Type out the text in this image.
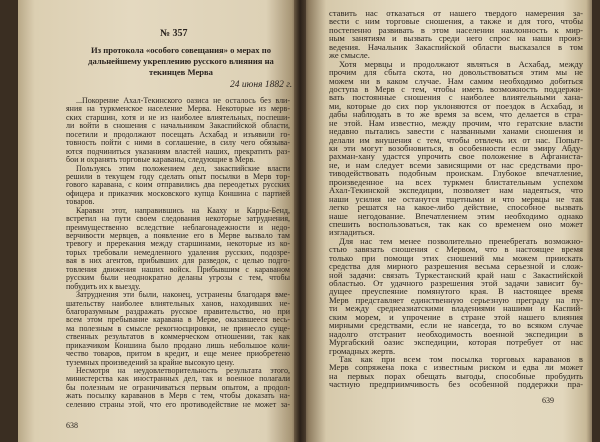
№ 357
Из протокола «особого совещания» о мерах по дальнейшему укреплению русского влияния на текинцев Мерва
24 июня 1882 г.
...Покорение Ахал-Текинского оазиса не осталось без вли-
яния на туркменское население Мерва. Некоторые из мерв-
ских старшин, хотя и не из наиболее влиятельных, поспеши-
ли войти в сношения с начальником Закаспийской области,
посетили и продолжают посещать Асхабад и изъявили го-
товность пойти с ними в соглашение, в силу чего обязыва-
ются подчиниться указаниям властей наших, прекратить раз-
бои и охранять торговые караваны, следующие в Мерв.
Пользуясь этим положением дел, закаспийские власти
решили в текущем году сделать опыт посылки в Мерв тор-
гового каравана, с коим отправились два переодетых русских
офицера и приказчик московского купца Коншина с партией
товаров.
Караван этот, направившись на Кааху и Карры-Бенд,
встретил на пути своем следования некоторые затруднения,
преимущественно вследствие неблагонадежности и недо-
верчивости мервцев, а появление его в Мерве вызвало там
тревогу и пререкания между старшинами, некоторые из ко-
торых требовали немедленного удаления русских, подозре-
вая в них агентов, прибывших для разведок, с целью подго-
товления движения наших войск. Прибывшим с караваном
русским были неоднократно деланы угрозы с тем, чтобы
побудить их к выезду.
Затруднения эти были, наконец, устранены благодаря вме-
шательству наиболее влиятельных ханов, находивших не-
благоразумным раздражать русское правительство, но при
всем этом пребывание каравана в Мерве, оказавшееся весь-
ма полезным в смысле рекогносцировки, не принесло суще-
ственных результатов в коммерческом отношении, так как
приказчиком Коншина было продано лишь небольшое коли-
чество товаров, притом в кредит, и еще менее приобретено
туземных произведений за крайне высокую цену.
Несмотря на неудовлетворительность результата этого,
министерства как иностранных дел, так и военное полагали
бы полезным не ограничиваться первым опытом, а продол-
жать посылку караванов в Мерв с тем, чтобы доказать на-
селению страны этой, что его противодействие не может за-
ставить нас отказаться от нашего твердого намерения за-
вести с ним торговые сношения, а также и для того, чтобы
постепенно развивать в этом населении наклонность к мир-
ным занятиям и вызвать среди него спрос на наши произ-
ведения. Начальник Закаспийской области высказался в том
же смысле.
Хотя мервцы и продолжают являться в Асхабад, между
прочим для сбыта скота, но довольствоваться этим мы не
можем ни в каком случае. Нам самим необходимо добиться
доступа в Мерв с тем, чтобы иметь возможность поддержи-
вать постоянные сношения с наиболее влиятельными хана-
ми, которые до сих пор уклоняются от поездок в Асхабад, и
дабы наблюдать в то же время за всем, что делается в стра-
не этой. Нам известно, между прочим, что гератские власти
недавно пытались завести с названными ханами сношения и
делали им внушения с тем, чтобы отвлечь их от нас. Попыт-
ки эти могут возобновиться, в особенности если эмиру Абду-
рахман-хану удастся упрочить свое положение в Афганиста-
не, и нам следует всеми зависящими от нас средствами про-
тиводействовать подобным проискам. Глубокое впечатление,
произведенное на всех туркмен блистательным успехом
Ахал-Текинской экспедиции, позволяет нам надеяться, что
наши усилия не останутся тщетными и что мервцы не так
легко решатся на какое-либо действие, способное вызвать
наше негодование. Впечатлением этим необходимо однако
спешить воспользоваться, так как со временем оно может
изгладиться.
Для нас тем менее позволительно пренебрегать возможно-
стью завязать сношения с Мервом, что в настоящее время
только при помощи этих сношений мы можем приискать
средства для мирного разрешения весьма серьезной и слож-
ной задачи: связать Туркестанский край наш с Закаспийской
областью. От удачного разрешения этой задачи зависит бу-
дущее преуспеяние помянутого края. В настоящее время
Мерв представляет единственную серьезную преграду на пу-
ти между среднеазиатскими владениями нашими и Каспий-
ским морем, и упрочение в стране этой нашего влияния
мирными средствами, если не навсегда, то во всяком случае
надолго отстранит необходимость военной экспедиции в
Мургабский оазис экспедиции, которая потребует от нас
громадных жертв.
Так как при всем том посылка торговых караванов в
Мерв сопряжена пока с известным риском и едва ли может
на первых порах обещать выгоды, способные пробудить
частную предприимчивость без особенной поддержки пра-
638
639
